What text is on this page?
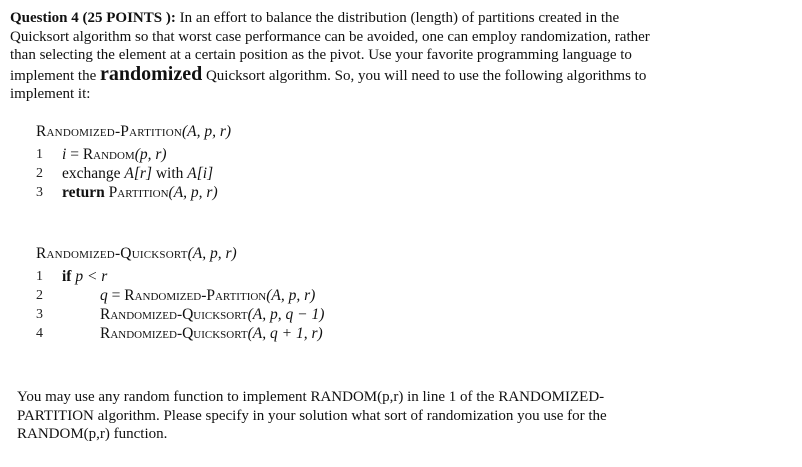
Question 4 (25 POINTS ): In an effort to balance the distribution (length) of partitions created in the Quicksort algorithm so that worst case performance can be avoided, one can employ randomization, rather than selecting the element at a certain position as the pivot. Use your favorite programming language to implement the randomized Quicksort algorithm. So, you will need to use the following algorithms to implement it:
Randomized-Partition(A, p, r)
1	i = Random(p, r)
2	exchange A[r] with A[i]
3	return Partition(A, p, r)
Randomized-Quicksort(A, p, r)
1	if p < r
2	q = Randomized-Partition(A, p, r)
3	Randomized-Quicksort(A, p, q − 1)
4	Randomized-Quicksort(A, q + 1, r)
You may use any random function to implement RANDOM(p,r) in line 1 of the RANDOMIZED-PARTITION algorithm. Please specify in your solution what sort of randomization you use for the RANDOM(p,r) function.
